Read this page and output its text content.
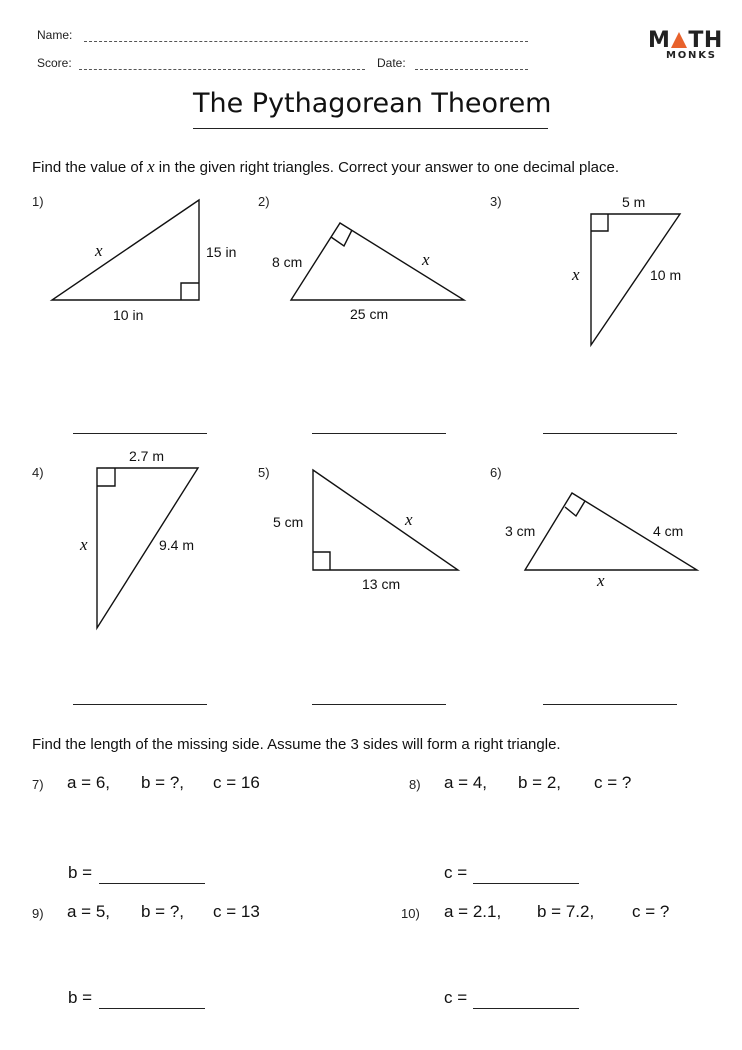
Name:
Score:	Date:
M TH
MONKS
The Pythagorean Theorem
Find the value of x in the given right triangles. Correct your answer to one decimal place.
1)	2)	3)
4)	5)	6)
x	15 in
10 in
8 cm	x
25 cm
5 m
x	10 m
2.7 m
x	9.4 m
5 cm	x
13 cm
3 cm	4 cm
x
Find the length of the missing side. Assume the 3 sides will form a right triangle.
7) a = 6, b = ?, c = 16	8) a = 4, b = 2, c = ?
b =	c =
9) a = 5, b = ?, c = 13	10) a = 2.1, b = 7.2, c = ?
b =	c =
